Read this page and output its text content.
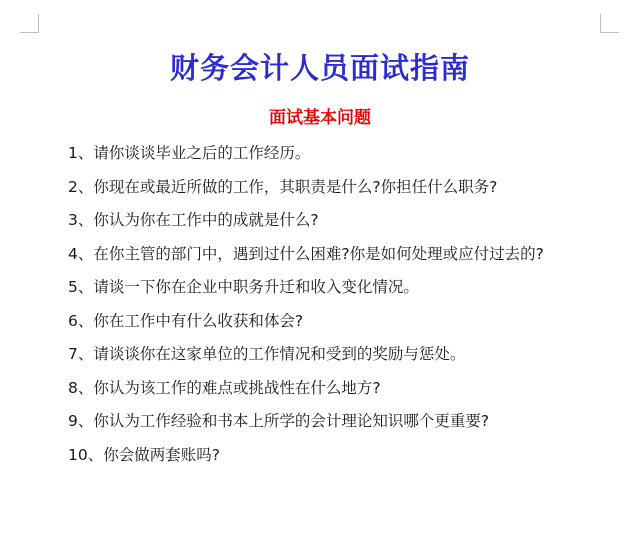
财务会计人员面试指南
面试基本问题
1、请你谈谈毕业之后的工作经历。
2、你现在或最近所做的工作，其职责是什么?你担任什么职务?
3、你认为你在工作中的成就是什么?
4、在你主管的部门中，遇到过什么困难?你是如何处理或应付过去的?
5、请谈一下你在企业中职务升迁和收入变化情况。
6、你在工作中有什么收获和体会?
7、请谈谈你在这家单位的工作情况和受到的奖励与惩处。
8、你认为该工作的难点或挑战性在什么地方?
9、你认为工作经验和书本上所学的会计理论知识哪个更重要?
10、你会做两套账吗?
